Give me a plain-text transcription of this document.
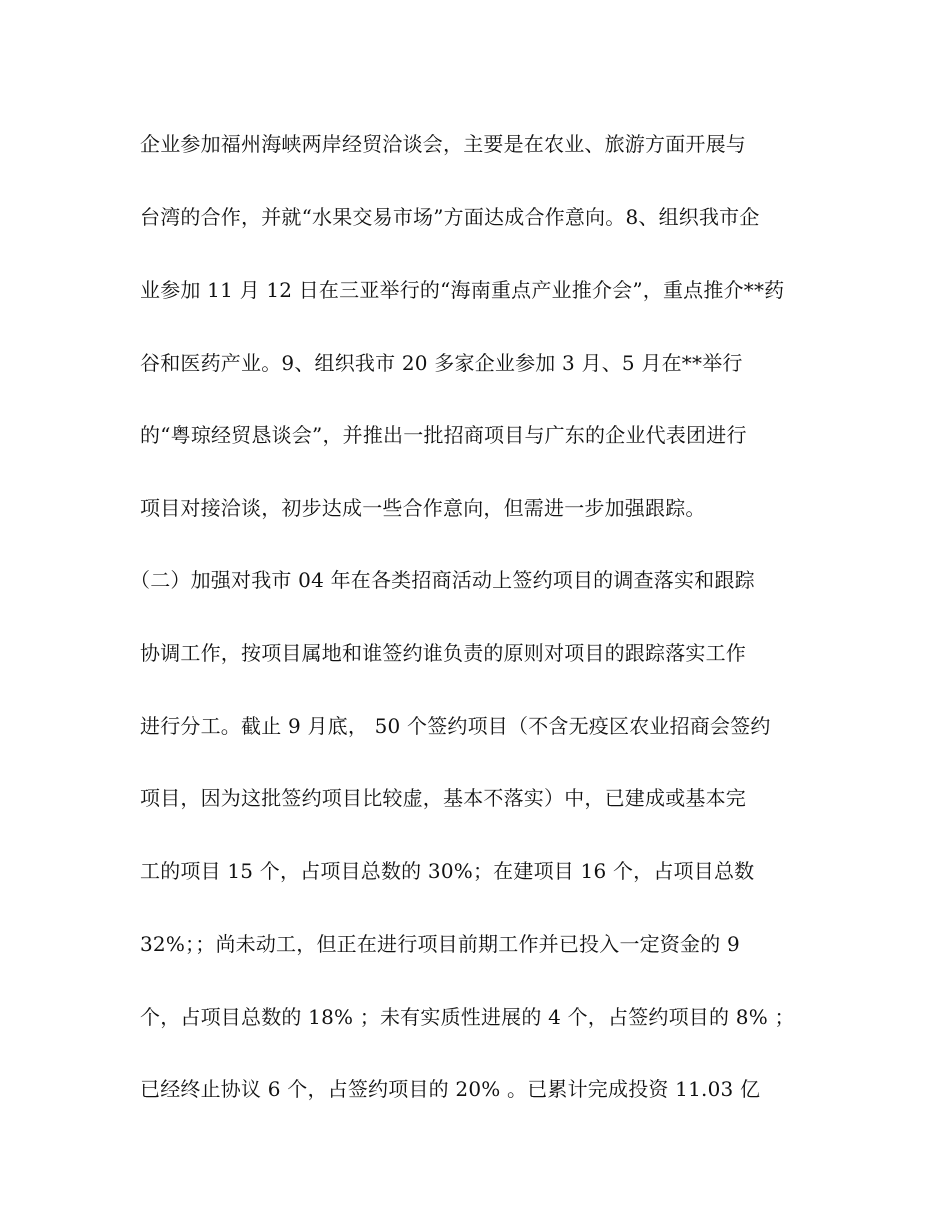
企业参加福州海峡两岸经贸洽谈会，主要是在农业、旅游方面开展与
台湾的合作，并就“水果交易市场”方面达成合作意向。8、组织我市企
业参加 11 月 12 日在三亚举行的“海南重点产业推介会”，重点推介**药
谷和医药产业。9、组织我市 20 多家企业参加 3 月、5 月在**举行
的“粤琼经贸恳谈会”，并推出一批招商项目与广东的企业代表团进行
项目对接洽谈，初步达成一些合作意向，但需进一步加强跟踪。
（二）加强对我市 04 年在各类招商活动上签约项目的调查落实和跟踪
协调工作，按项目属地和谁签约谁负责的原则对项目的跟踪落实工作
进行分工。截止 9 月底， 50 个签约项目（不含无疫区农业招商会签约
项目，因为这批签约项目比较虚，基本不落实）中，已建成或基本完
工的项目 15 个，占项目总数的 30%；在建项目 16 个，占项目总数
32%；；尚未动工，但正在进行项目前期工作并已投入一定资金的 9
个，占项目总数的 18% ；未有实质性进展的 4 个，占签约项目的 8% ；
已经终止协议 6 个，占签约项目的 20% 。已累计完成投资 11.03 亿
